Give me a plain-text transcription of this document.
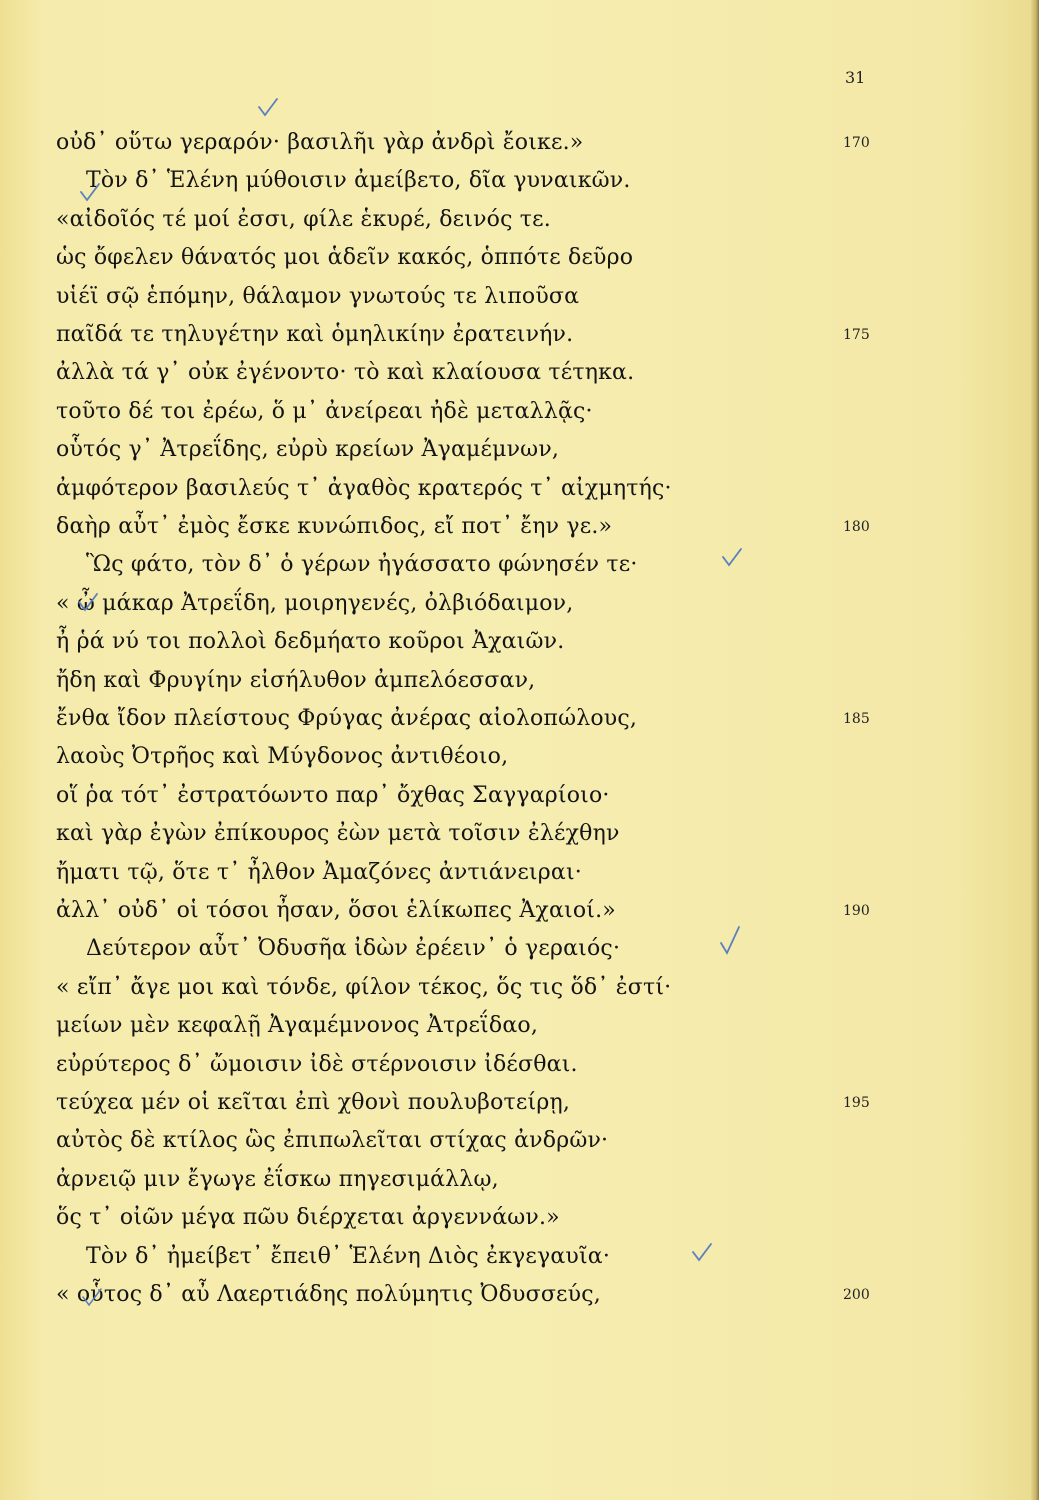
31
οὐδ᾽ οὕτω γεραρόν· βασιλῆι γὰρ ἀνδρὶ ἔοικε.»	170
Τὸν δ᾽ Ἑλένη μύθοισιν ἀμείβετο, δῖα γυναικῶν.
«αἰδοῖός τέ μοί ἐσσι, φίλε ἑκυρέ, δεινός τε.
ὡς ὄφελεν θάνατός μοι ἁδεῖν κακός, ὁππότε δεῦρο
υἱέϊ σῷ ἑπόμην, θάλαμον γνωτούς τε λιποῦσα
παῖδά τε τηλυγέτην καὶ ὁμηλικίην ἐρατεινήν.	175
ἀλλὰ τά γ᾽ οὐκ ἐγένοντο· τὸ καὶ κλαίουσα τέτηκα.
τοῦτο δέ τοι ἐρέω, ὅ μ᾽ ἀνείρεαι ἠδὲ μεταλλᾷς·
οὗτός γ᾽ Ἀτρεΐδης, εὐρὺ κρείων Ἀγαμέμνων,
ἀμφότερον βασιλεύς τ᾽ ἀγαθὸς κρατερός τ᾽ αἰχμητής·
δαὴρ αὖτ᾽ ἐμὸς ἔσκε κυνώπιδος, εἴ ποτ᾽ ἔην γε.»	180
Ὣς φάτο, τὸν δ᾽ ὁ γέρων ἠγάσσατο φώνησέν τε·
« ὦ μάκαρ Ἀτρεΐδη, μοιρηγενές, ὀλβιόδαιμον,
ἦ ῥά νύ τοι πολλοὶ δεδμήατο κοῦροι Ἀχαιῶν.
ἤδη καὶ Φρυγίην εἰσήλυθον ἀμπελόεσσαν,
ἔνθα ἴδον πλείστους Φρύγας ἀνέρας αἰολοπώλους,	185
λαοὺς Ὀτρῆος καὶ Μύγδονος ἀντιθέοιο,
οἵ ῥα τότ᾽ ἐστρατόωντο παρ᾽ ὄχθας Σαγγαρίοιο·
καὶ γὰρ ἐγὼν ἐπίκουρος ἐὼν μετὰ τοῖσιν ἐλέχθην
ἤματι τῷ, ὅτε τ᾽ ἦλθον Ἀμαζόνες ἀντιάνειραι·
ἀλλ᾽ οὐδ᾽ οἱ τόσοι ἦσαν, ὅσοι ἑλίκωπες Ἀχαιοί.»	190
Δεύτερον αὖτ᾽ Ὀδυσῆα ἰδὼν ἐρέειν᾽ ὁ γεραιός·
« εἴπ᾽ ἄγε μοι καὶ τόνδε, φίλον τέκος, ὅς τις ὅδ᾽ ἐστί·
μείων μὲν κεφαλῇ Ἀγαμέμνονος Ἀτρεΐδαο,
εὐρύτερος δ᾽ ὤμοισιν ἰδὲ στέρνοισιν ἰδέσθαι.
τεύχεα μέν οἱ κεῖται ἐπὶ χθονὶ πουλυβοτείρῃ,	195
αὐτὸς δὲ κτίλος ὣς ἐπιπωλεῖται στίχας ἀνδρῶν·
ἀρνειῷ μιν ἔγωγε ἐΐσκω πηγεσιμάλλῳ,
ὅς τ᾽ οἰῶν μέγα πῶυ διέρχεται ἀργεννάων.»
Τὸν δ᾽ ἠμείβετ᾽ ἔπειθ᾽ Ἑλένη Διὸς ἐκγεγαυῖα·
« οὗτος δ᾽ αὖ Λαερτιάδης πολύμητις Ὀδυσσεύς,	200
